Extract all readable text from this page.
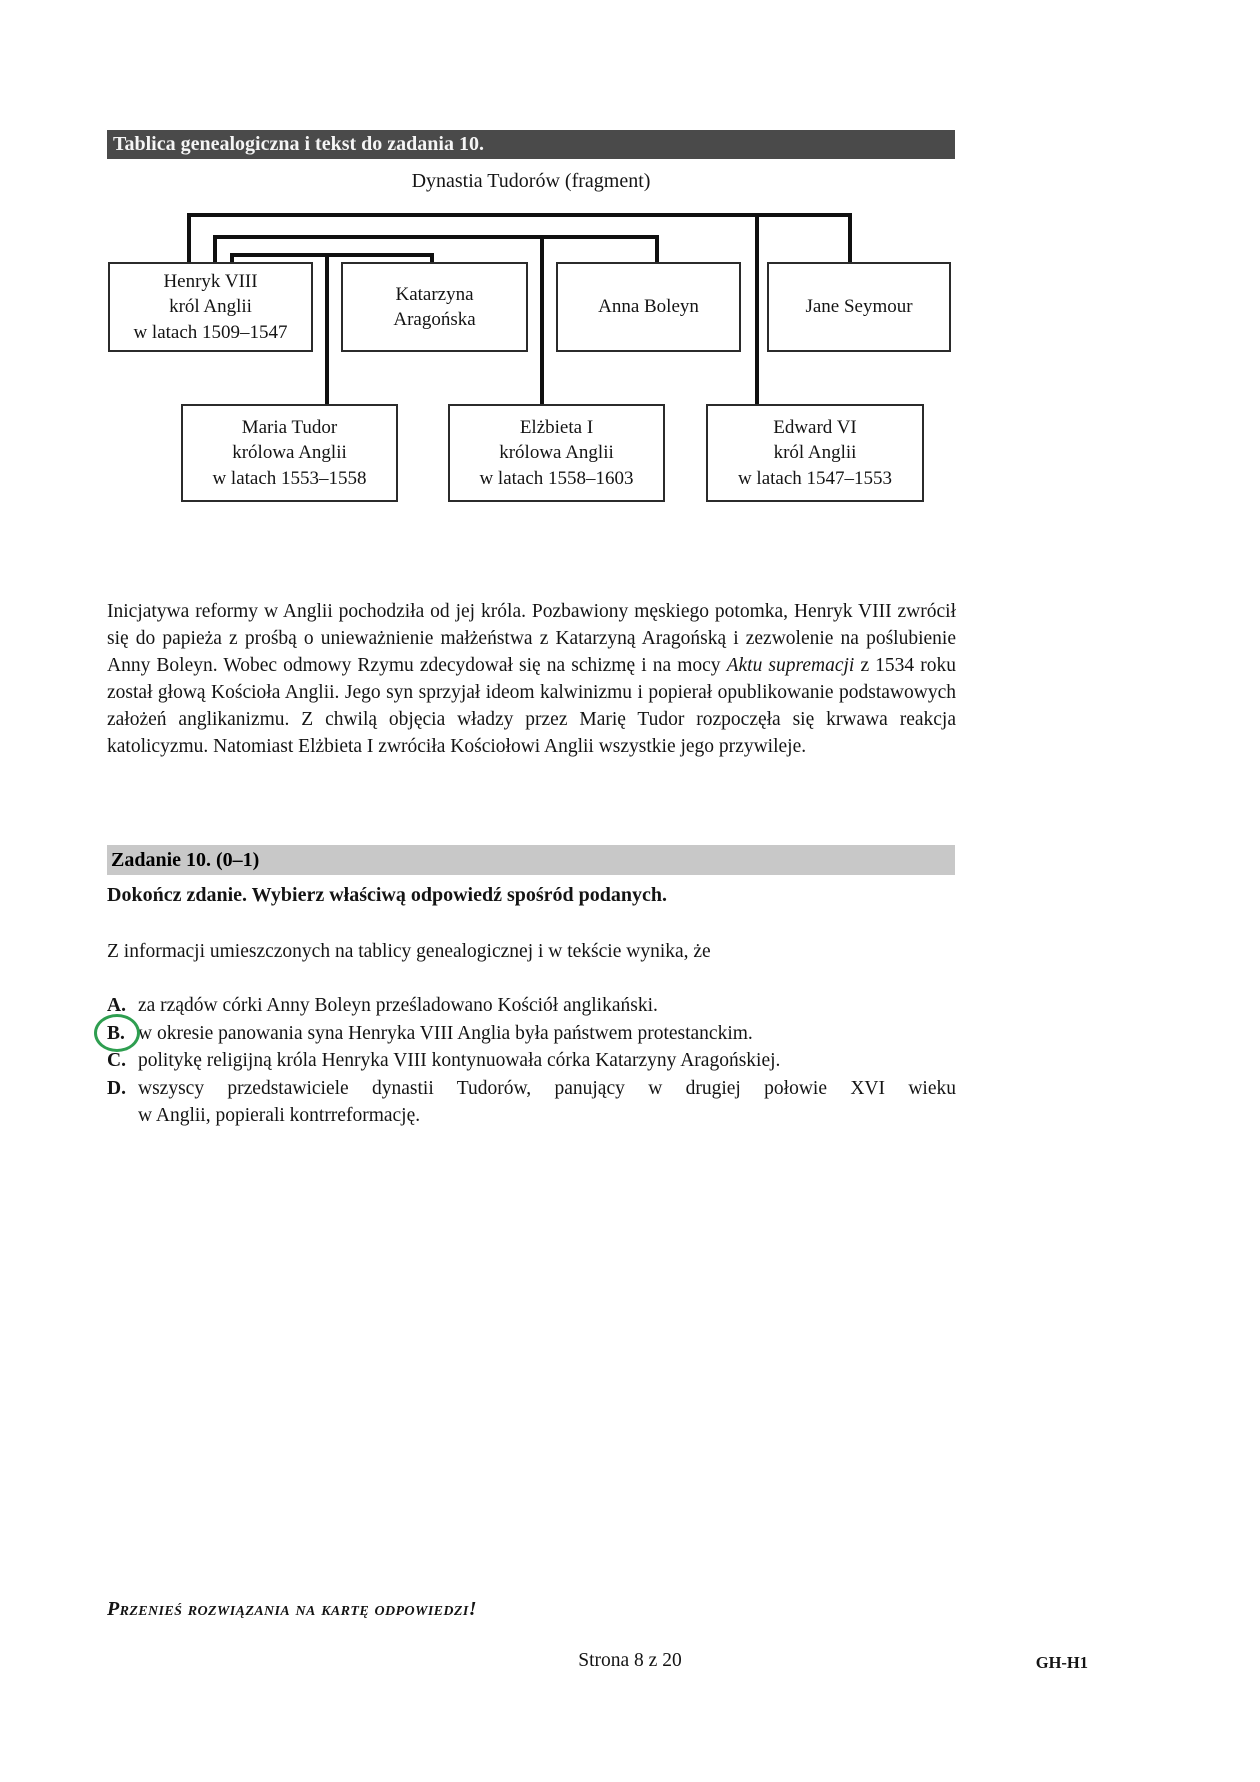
Tablica genealogiczna i tekst do zadania 10.
Dynastia Tudorów (fragment)
Henryk VIII
król Anglii
w latach 1509–1547
Katarzyna
Aragońska
Anna Boleyn	Jane Seymour
Maria Tudor
królowa Anglii
w latach 1553–1558
Elżbieta I
królowa Anglii
w latach 1558–1603
Edward VI
król Anglii
w latach 1547–1553
Inicjatywa reformy w Anglii pochodziła od jej króla. Pozbawiony męskiego potomka, Henryk VIII zwrócił się do papieża z prośbą o unieważnienie małżeństwa z Katarzyną Aragońską i zezwolenie na poślubienie Anny Boleyn. Wobec odmowy Rzymu zdecydował się na schizmę i na mocy Aktu supremacji z 1534 roku został głową Kościoła Anglii. Jego syn sprzyjał ideom kalwinizmu i popierał opublikowanie podstawowych założeń anglikanizmu. Z chwilą objęcia władzy przez Marię Tudor rozpoczęła się krwawa reakcja katolicyzmu. Natomiast Elżbieta I zwróciła Kościołowi Anglii wszystkie jego przywileje.
Zadanie 10. (0–1)
Dokończ zdanie. Wybierz właściwą odpowiedź spośród podanych.
Z informacji umieszczonych na tablicy genealogicznej i w tekście wynika, że
A. za rządów córki Anny Boleyn prześladowano Kościół anglikański.
B. w okresie panowania syna Henryka VIII Anglia była państwem protestanckim.
C. politykę religijną króla Henryka VIII kontynuowała córka Katarzyny Aragońskiej.
D. wszyscy przedstawiciele dynastii Tudorów, panujący w drugiej połowie XVI wieku
w Anglii, popierali kontrreformację.
Przenieś rozwiązania na kartę odpowiedzi!
Strona 8 z 20	GH-H1
